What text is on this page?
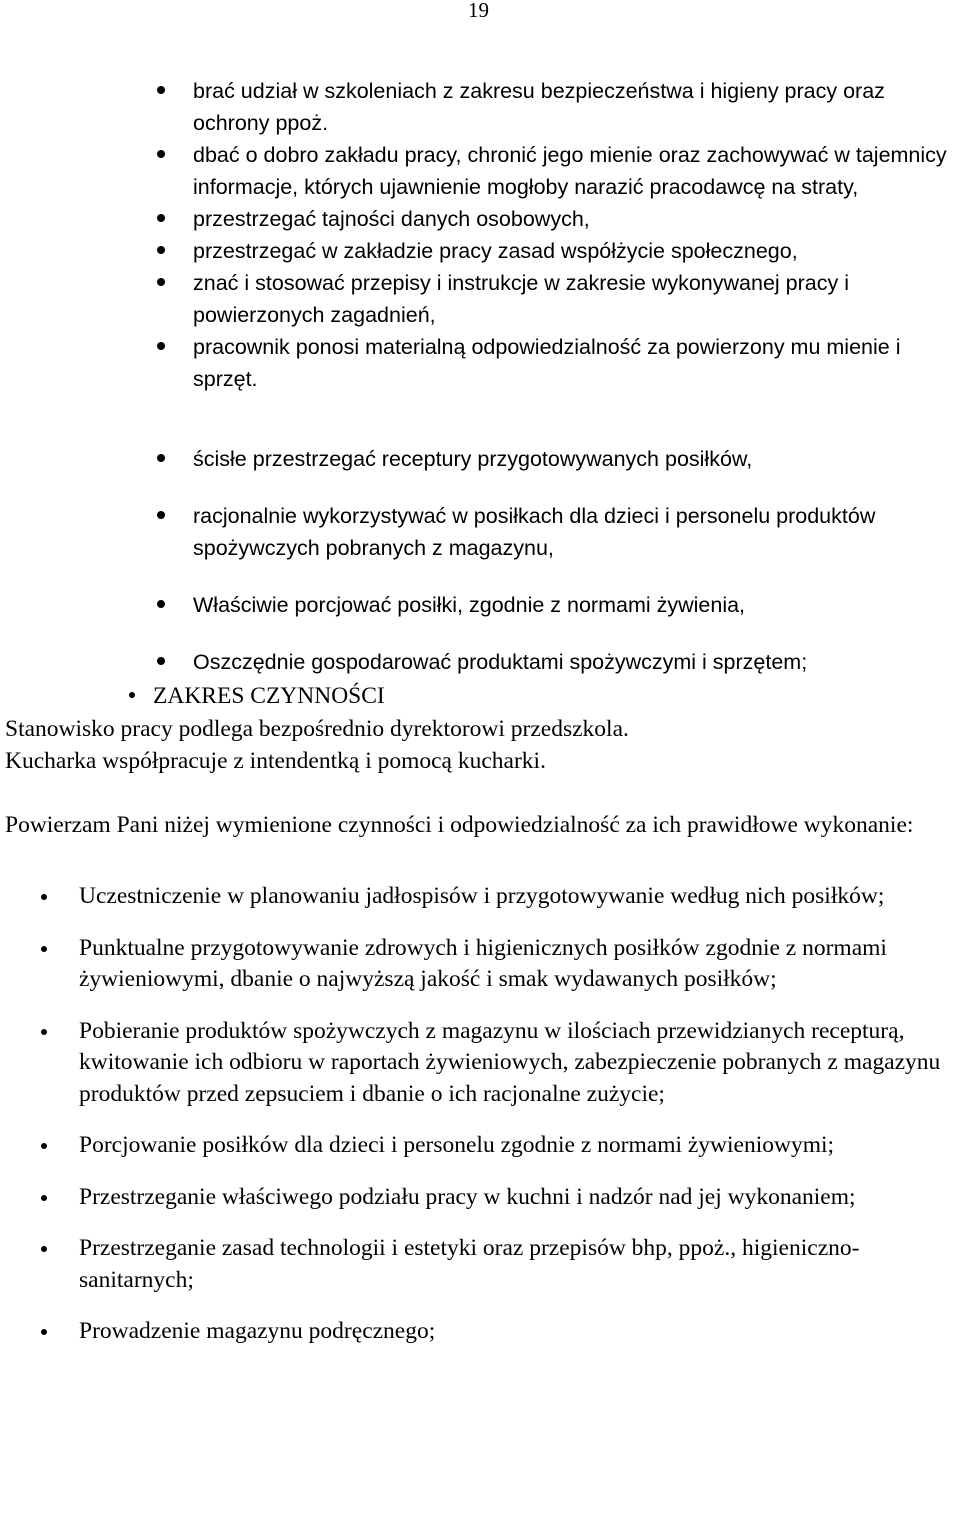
19
brać udział w szkoleniach z zakresu bezpieczeństwa i higieny pracy oraz ochrony ppoż.
dbać o dobro zakładu pracy, chronić jego mienie oraz zachowywać w tajemnicy informacje, których ujawnienie mogłoby narazić pracodawcę na straty,
przestrzegać tajności danych osobowych,
przestrzegać w zakładzie pracy zasad współżycie społecznego,
znać i stosować przepisy i instrukcje w zakresie wykonywanej pracy i powierzonych zagadnień,
pracownik ponosi materialną odpowiedzialność za powierzony mu mienie i sprzęt.
ścisłe przestrzegać receptury przygotowywanych posiłków,
racjonalnie wykorzystywać w posiłkach dla dzieci i personelu produktów spożywczych pobranych z magazynu,
Właściwie porcjować posiłki, zgodnie z normami żywienia,
Oszczędnie gospodarować produktami spożywczymi i sprzętem;
ZAKRES CZYNNOŚCI

Stanowisko pracy podlega bezpośrednio dyrektorowi przedszkola.

Kucharka współpracuje z intendentką i pomocą kucharki.

Powierzam Pani niżej wymienione czynności i odpowiedzialność za ich prawidłowe wykonanie:

Uczestniczenie w planowaniu jadłospisów i przygotowywanie według nich posiłków;
Punktualne przygotowywanie zdrowych i higienicznych posiłków zgodnie z normami żywieniowymi, dbanie o najwyższą jakość i smak wydawanych posiłków;
Pobieranie produktów spożywczych z magazynu w ilościach przewidzianych recepturą, kwitowanie ich odbioru w raportach żywieniowych, zabezpieczenie pobranych z magazynu produktów przed zepsuciem i dbanie o ich racjonalne zużycie;
Porcjowanie posiłków dla dzieci i personelu zgodnie z normami żywieniowymi;
Przestrzeganie właściwego podziału pracy w kuchni i nadzór nad jej wykonaniem;
Przestrzeganie zasad technologii i estetyki oraz przepisów bhp, ppoż., higieniczno-sanitarnych;
Prowadzenie magazynu podręcznego;
